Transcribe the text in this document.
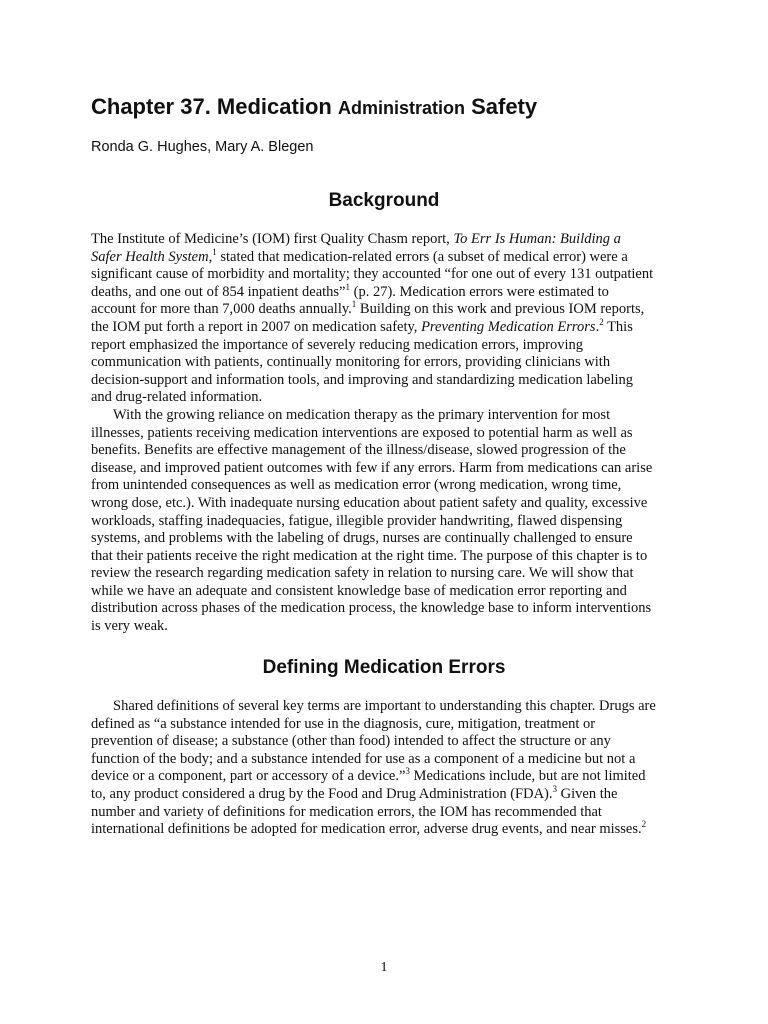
Chapter 37. Medication Administration Safety
Ronda G. Hughes, Mary A. Blegen
Background
The Institute of Medicine’s (IOM) first Quality Chasm report, To Err Is Human: Building a
Safer Health System,$^1$ stated that medication-related errors (a subset of medical error) were a
significant cause of morbidity and mortality; they accounted “for one out of every 131 outpatient
deaths, and one out of 854 inpatient deaths”$^1$ (p. 27). Medication errors were estimated to
account for more than 7,000 deaths annually.$^1$ Building on this work and previous IOM reports,
the IOM put forth a report in 2007 on medication safety, Preventing Medication Errors.$^2$ This
report emphasized the importance of severely reducing medication errors, improving
communication with patients, continually monitoring for errors, providing clinicians with
decision-support and information tools, and improving and standardizing medication labeling
and drug-related information.
With the growing reliance on medication therapy as the primary intervention for most
illnesses, patients receiving medication interventions are exposed to potential harm as well as
benefits. Benefits are effective management of the illness/disease, slowed progression of the
disease, and improved patient outcomes with few if any errors. Harm from medications can arise
from unintended consequences as well as medication error (wrong medication, wrong time,
wrong dose, etc.). With inadequate nursing education about patient safety and quality, excessive
workloads, staffing inadequacies, fatigue, illegible provider handwriting, flawed dispensing
systems, and problems with the labeling of drugs, nurses are continually challenged to ensure
that their patients receive the right medication at the right time. The purpose of this chapter is to
review the research regarding medication safety in relation to nursing care. We will show that
while we have an adequate and consistent knowledge base of medication error reporting and
distribution across phases of the medication process, the knowledge base to inform interventions
is very weak.
Defining Medication Errors
Shared definitions of several key terms are important to understanding this chapter. Drugs are
defined as “a substance intended for use in the diagnosis, cure, mitigation, treatment or
prevention of disease; a substance (other than food) intended to affect the structure or any
function of the body; and a substance intended for use as a component of a medicine but not a
device or a component, part or accessory of a device.”$^3$ Medications include, but are not limited
to, any product considered a drug by the Food and Drug Administration (FDA).$^3$ Given the
number and variety of definitions for medication errors, the IOM has recommended that
international definitions be adopted for medication error, adverse drug events, and near misses.$^2$
1
